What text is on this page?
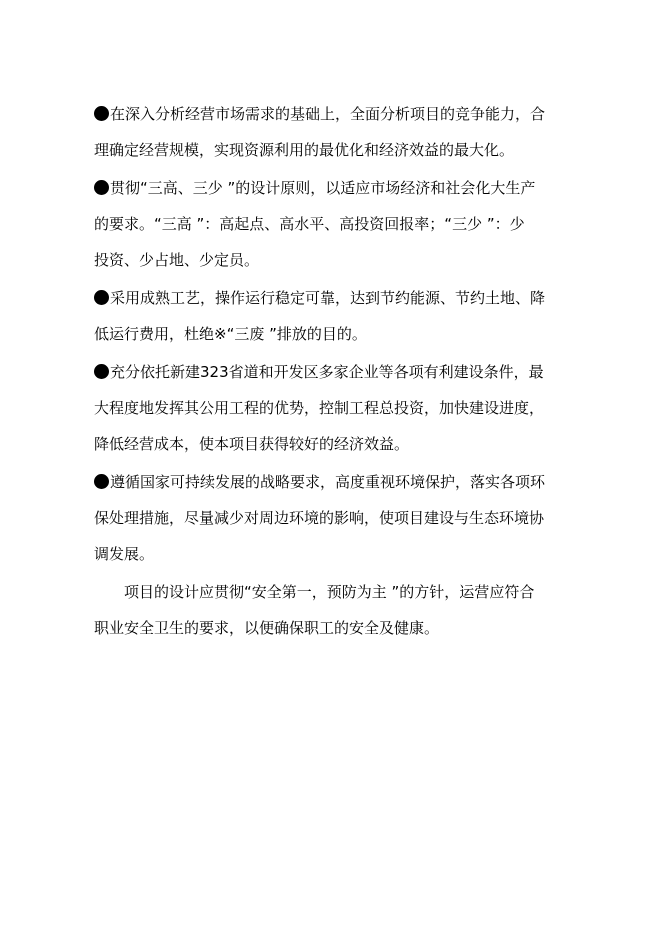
在深入分析经营市场需求的基础上，全面分析项目的竞争能力，合
理确定经营规模，实现资源利用的最优化和经济效益的最大化。
贯彻“三高、三少 ”的设计原则，以适应市场经济和社会化大生产
的要求。“三高 ”：高起点、高水平、高投资回报率；“三少 ”：少
投资、少占地、少定员。
采用成熟工艺，操作运行稳定可靠，达到节约能源、节约土地、降
低运行费用，杜绝※“三废 ”排放的目的。
充分依托新建323省道和开发区多家企业等各项有利建设条件，最
大程度地发挥其公用工程的优势，控制工程总投资，加快建设进度，
降低经营成本，使本项目获得较好的经济效益。
遵循国家可持续发展的战略要求，高度重视环境保护，落实各项环
保处理措施，尽量减少对周边环境的影响，使项目建设与生态环境协
调发展。
项目的设计应贯彻“安全第一，预防为主 ”的方针，运营应符合
职业安全卫生的要求，以便确保职工的安全及健康。
